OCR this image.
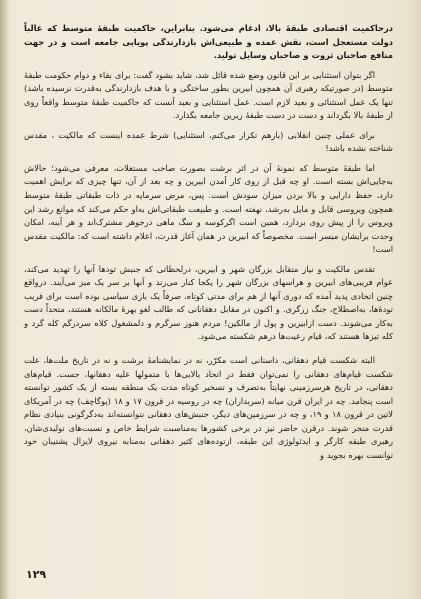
درحاکمیت اقتصادی طبقهٔ بالا، ادغام می‌شود. بنابراین، حاکمیت طبقهٔ متوسط که غالباً دولت مستعجل است، نقش عمده و طبیعی‌اش بازدارندگی پویایی جامعه است و در جهت منافع صاحبان ثروت و صاحبان وسایل تولید.

اگر بتوان استثنایی بر این قانون وضع شده قائل شد، شاید بشود گفت: برای بقاء و دوام حکومت طبقهٔ متوسط (در صورتیکه رهبری آن همچون ابیرین بطور ساختگی و با هدف بازدارندگی به‌قدرت نرسیده باشد) تنها یک عمل استثنائی و بعید لازم است. عمل استثنایی و بعید آنست که حاکمیت طبقهٔ متوسط واقعاً روی از طبقهٔ بالا بگرداند و دست در دست طبقهٔ زیرین جامعه بگذارد.

برای عملی چنین انقلابی (بازهم تکرار می‌کنم، استثنایی) شرط عمده اینست که مالکیت ، مقدس شناخته نشده باشد!

اما طبقهٔ متوسط که نمونهٔ آن در اثر برشت بصورت صاحب مستغلات، معرفی می‌شود؛ حالاش به‌جایی‌اش بسته است. او چه قبل از روی کار آمدن ابیرین و چه بعد از آن، تنها چیزی که برایش اهمیت دارد، حفظ دارایی و بالا بردن میزان سودش است. پس، مرض سرمایه در ذات طبقاتی طبقهٔ متوسط همچون ویروسی قابل و مایل به‌رشد، نهفته است. و طبیعت طبقاتی‌اش به‌او حکم می‌کند که موانع رشد این ویروس را از پیش روی بردارد، همین است اگرکوسه و سگ ماهی درجوهر مشترک‌اند و هر آینه، امکان وحدت برایشان میسر است. مخصوصاً که ابیرین در همان آغاز قدرت، اعلام داشته است که: مالکیت مقدس است!

تقدس مالکیت و نیاز متقابل بزرگان شهر و ابیرین، درلحظاتی که جنبش تودها آنها را تهدید می‌کند، عوام فریبی‌های ابیرین و هراسهای بزرگان شهر را یکجا کنار می‌زند و آنها بر سر یک میز می‌آیند. درواقع چنین اتحادی پدید آمده که دوری آنها از هم برای مدتی کوتاه، صرفاً یک بازی سیاسی بوده است برای فریب تودهٔ‌ها، به‌اصطلاح، جنگ زرگری. و اکنون در مقابل دهقانانی که طالب لغو بهرهٔ مالکانه هستند، متحداً دست به‌کار می‌شوند. دست ازابیرین و پول از مالکین! مردم هنوز سرگرم و دلمشغول کلاه سردرگم کله گرد و کله تیزها هستند که، قیام رعیت‌ها درهم شکسته می‌شود.

البته شکست قیام دهقانی، داستانی است مکرّر، نه در نمایشنامهٔ برشت و نه در تاریخ ملت‌ها، علت شکست قیام‌های دهقانی را نمی‌توان فقط در اتحاد بالایی‌ها با متمولها علیه دهقانها، جست. قیام‌های دهقانی، در تاریخ هرسرزمینی نهایتاً به‌تصرف و تسخیر کوتاه مدت یک منطقه بسته از یک کشور توانسته است پنجامد. چه در ایران قرن میانه (سربداران) چه در روسیه در قرون ۱۷ و ۱۸ (پوگاچف) چه در آمریکای لاتین در قرون ۱۸ و ۱۹، و چه در سرزمین‌های دیگر، جنبش‌های دهقانی نتوانسته‌اند به‌دگرگونی بنیادی نظام قدرت منجر شوند. درقرن حاضر نیز در برخی کشورها به‌مناسبت شرایط خاص و نسبت‌های تولیدی‌شان، رهبری طبقه کارگر و ایدئولوژی این طبقه، ازتوده‌های کثیر دهقانی به‌منابه نیروی لایزال پشتیبان خود توانست بهره بجوید و

۱۲۹
